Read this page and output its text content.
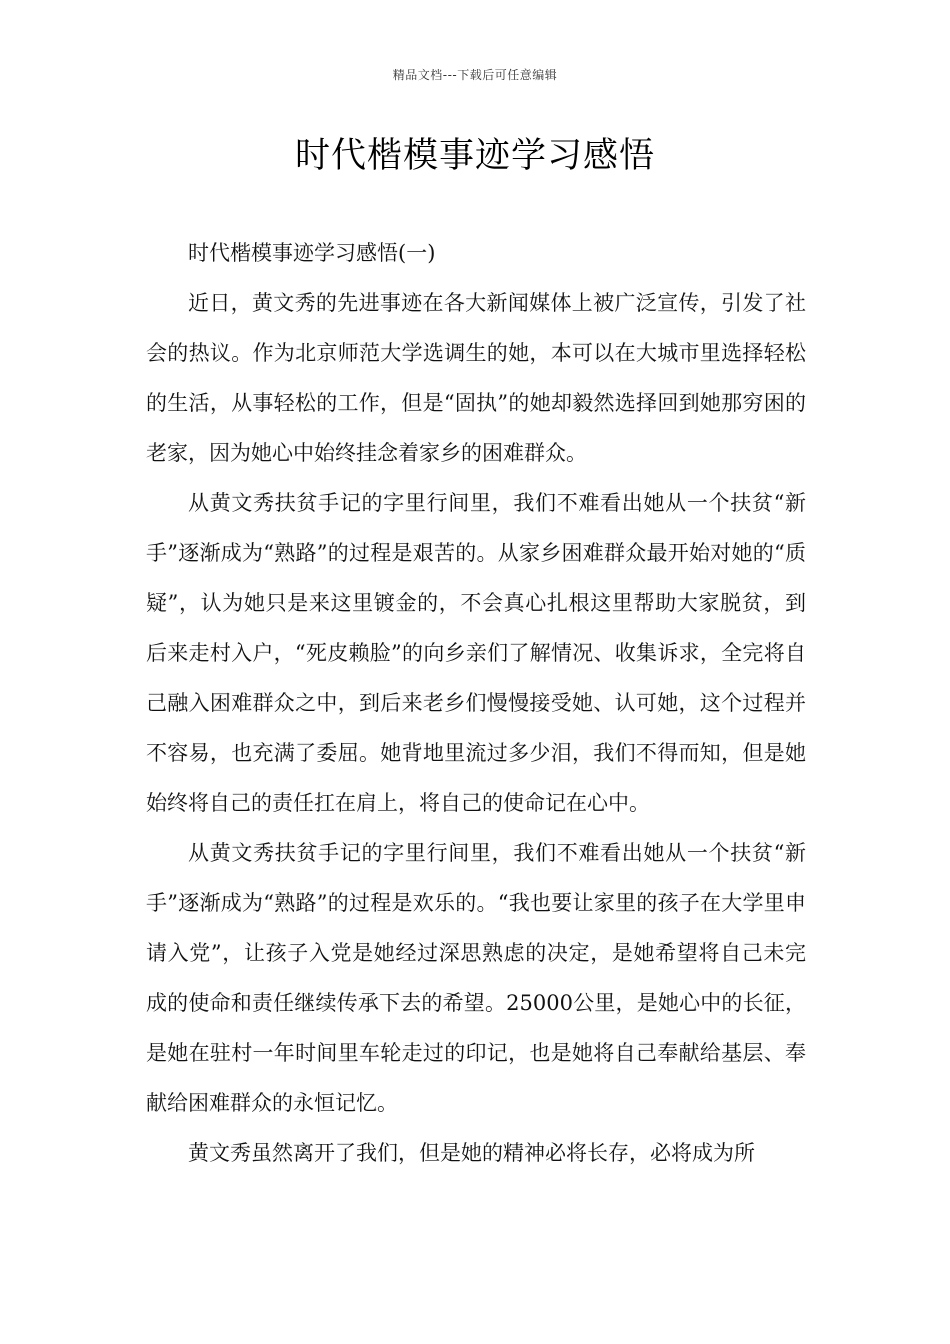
精品文档---下载后可任意编辑
时代楷模事迹学习感悟

时代楷模事迹学习感悟(一)

近日，黄文秀的先进事迹在各大新闻媒体上被广泛宣传，引发了社会的热议。作为北京师范大学选调生的她，本可以在大城市里选择轻松的生活，从事轻松的工作，但是“固执”的她却毅然选择回到她那穷困的老家，因为她心中始终挂念着家乡的困难群众。

从黄文秀扶贫手记的字里行间里，我们不难看出她从一个扶贫“新手”逐渐成为“熟路”的过程是艰苦的。从家乡困难群众最开始对她的“质疑”，认为她只是来这里镀金的，不会真心扎根这里帮助大家脱贫，到后来走村入户，“死皮赖脸”的向乡亲们了解情况、收集诉求，全完将自己融入困难群众之中，到后来老乡们慢慢接受她、认可她，这个过程并不容易，也充满了委屈。她背地里流过多少泪，我们不得而知，但是她始终将自己的责任扛在肩上，将自己的使命记在心中。

从黄文秀扶贫手记的字里行间里，我们不难看出她从一个扶贫“新手”逐渐成为“熟路”的过程是欢乐的。“我也要让家里的孩子在大学里申请入党”，让孩子入党是她经过深思熟虑的决定，是她希望将自己未完成的使命和责任继续传承下去的希望。25000公里，是她心中的长征，是她在驻村一年时间里车轮走过的印记，也是她将自己奉献给基层、奉献给困难群众的永恒记忆。

黄文秀虽然离开了我们，但是她的精神必将长存，必将成为所
